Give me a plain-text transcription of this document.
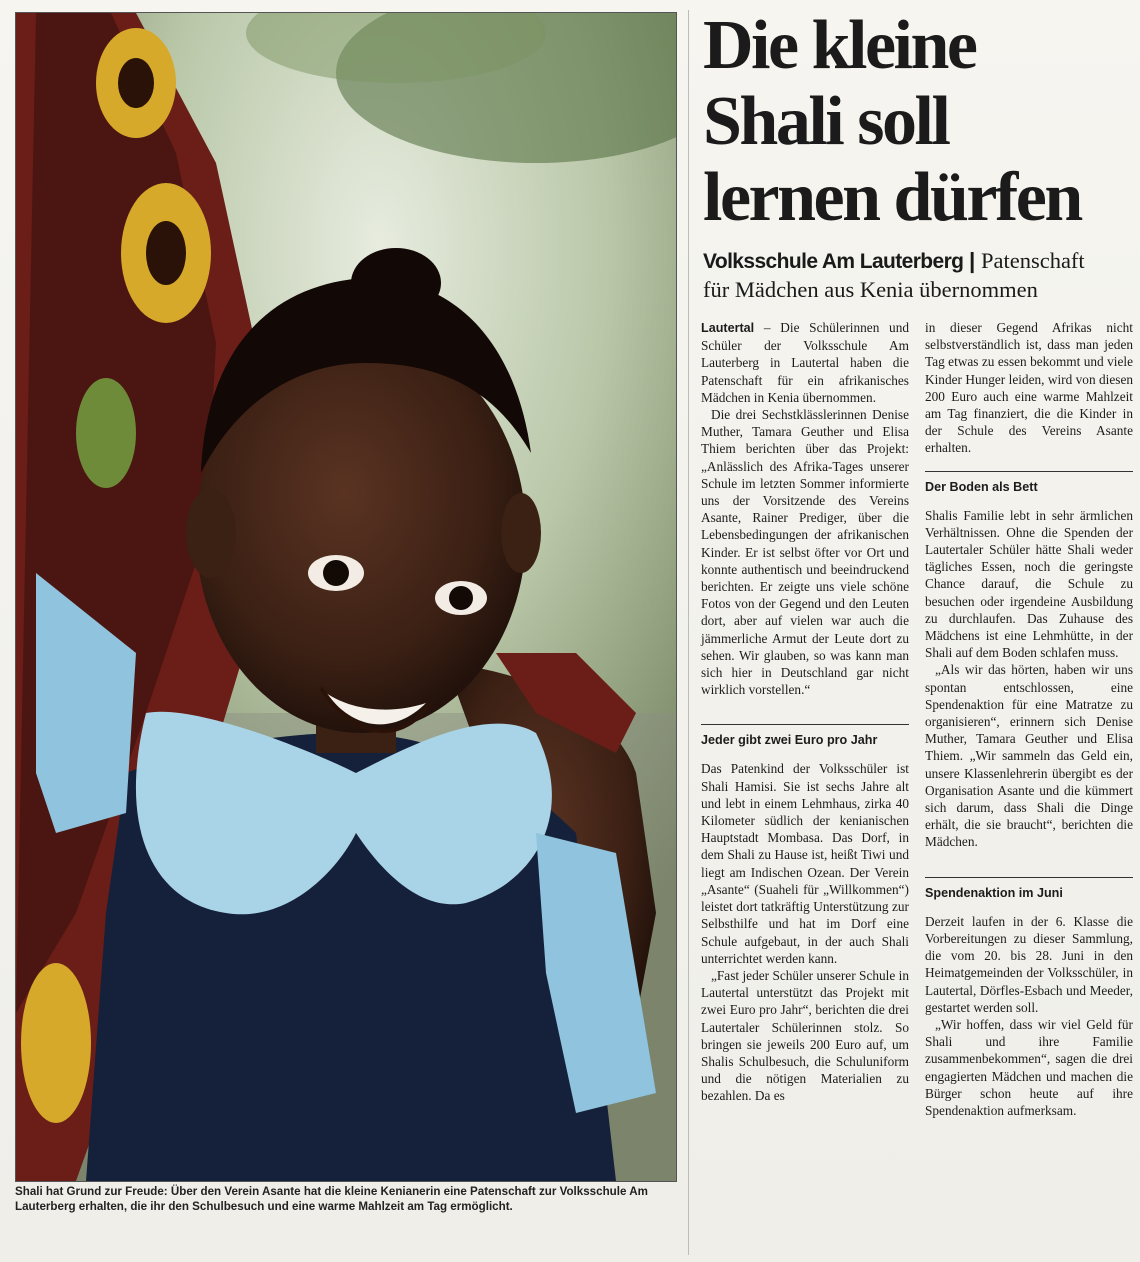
Shali hat Grund zur Freude: Über den Verein Asante hat die kleine Kenianerin eine Patenschaft zur Volksschule Am Lauterberg erhalten, die ihr den Schulbesuch und eine warme Mahlzeit am Tag ermöglicht.
Die kleine
Shali soll
lernen dürfen
Volksschule Am Lauterberg | Patenschaft
für Mädchen aus Kenia übernommen

Lautertal – Die Schülerinnen und Schüler der Volksschule Am Lauterberg in Lautertal haben die Patenschaft für ein afrikanisches Mädchen in Kenia übernommen.

Die drei Sechstklässlerinnen Denise Muther, Tamara Geuther und Elisa Thiem berichten über das Projekt: „Anlässlich des Afrika-Tages unserer Schule im letzten Sommer informierte uns der Vorsitzende des Vereins Asante, Rainer Prediger, über die Lebensbedingungen der afrikanischen Kinder. Er ist selbst öfter vor Ort und konnte authentisch und beeindruckend berichten. Er zeigte uns viele schöne Fotos von der Gegend und den Leuten dort, aber auf vielen war auch die jämmerliche Armut der Leute dort zu sehen. Wir glauben, so was kann man sich hier in Deutschland gar nicht wirklich vorstellen.“

Jeder gibt zwei Euro pro Jahr

Das Patenkind der Volksschüler ist Shali Hamisi. Sie ist sechs Jahre alt und lebt in einem Lehmhaus, zirka 40 Kilometer südlich der kenianischen Hauptstadt Mombasa. Das Dorf, in dem Shali zu Hause ist, heißt Tiwi und liegt am Indischen Ozean. Der Verein „Asante“ (Suaheli für „Willkommen“) leistet dort tatkräftig Unterstützung zur Selbsthilfe und hat im Dorf eine Schule aufgebaut, in der auch Shali unterrichtet werden kann.

„Fast jeder Schüler unserer Schule in Lautertal unterstützt das Projekt mit zwei Euro pro Jahr“, berichten die drei Lautertaler Schülerinnen stolz. So bringen sie jeweils 200 Euro auf, um Shalis Schulbesuch, die Schuluniform und die nötigen Materialien zu bezahlen. Da es

in dieser Gegend Afrikas nicht selbstverständlich ist, dass man jeden Tag etwas zu essen bekommt und viele Kinder Hunger leiden, wird von diesen 200 Euro auch eine warme Mahlzeit am Tag finanziert, die die Kinder in der Schule des Vereins Asante erhalten.

Der Boden als Bett

Shalis Familie lebt in sehr ärmlichen Verhältnissen. Ohne die Spenden der Lautertaler Schüler hätte Shali weder tägliches Essen, noch die geringste Chance darauf, die Schule zu besuchen oder irgendeine Ausbildung zu durchlaufen. Das Zuhause des Mädchens ist eine Lehmhütte, in der Shali auf dem Boden schlafen muss.

„Als wir das hörten, haben wir uns spontan entschlossen, eine Spendenaktion für eine Matratze zu organisieren“, erinnern sich Denise Muther, Tamara Geuther und Elisa Thiem. „Wir sammeln das Geld ein, unsere Klassenlehrerin übergibt es der Organisation Asante und die kümmert sich darum, dass Shali die Dinge erhält, die sie braucht“, berichten die Mädchen.

Spendenaktion im Juni

Derzeit laufen in der 6. Klasse die Vorbereitungen zu dieser Sammlung, die vom 20. bis 28. Juni in den Heimatgemeinden der Volksschüler, in Lautertal, Dörfles-Esbach und Meeder, gestartet werden soll.

„Wir hoffen, dass wir viel Geld für Shali und ihre Familie zusammenbekommen“, sagen die drei engagierten Mädchen und machen die Bürger schon heute auf ihre Spendenaktion aufmerksam.
